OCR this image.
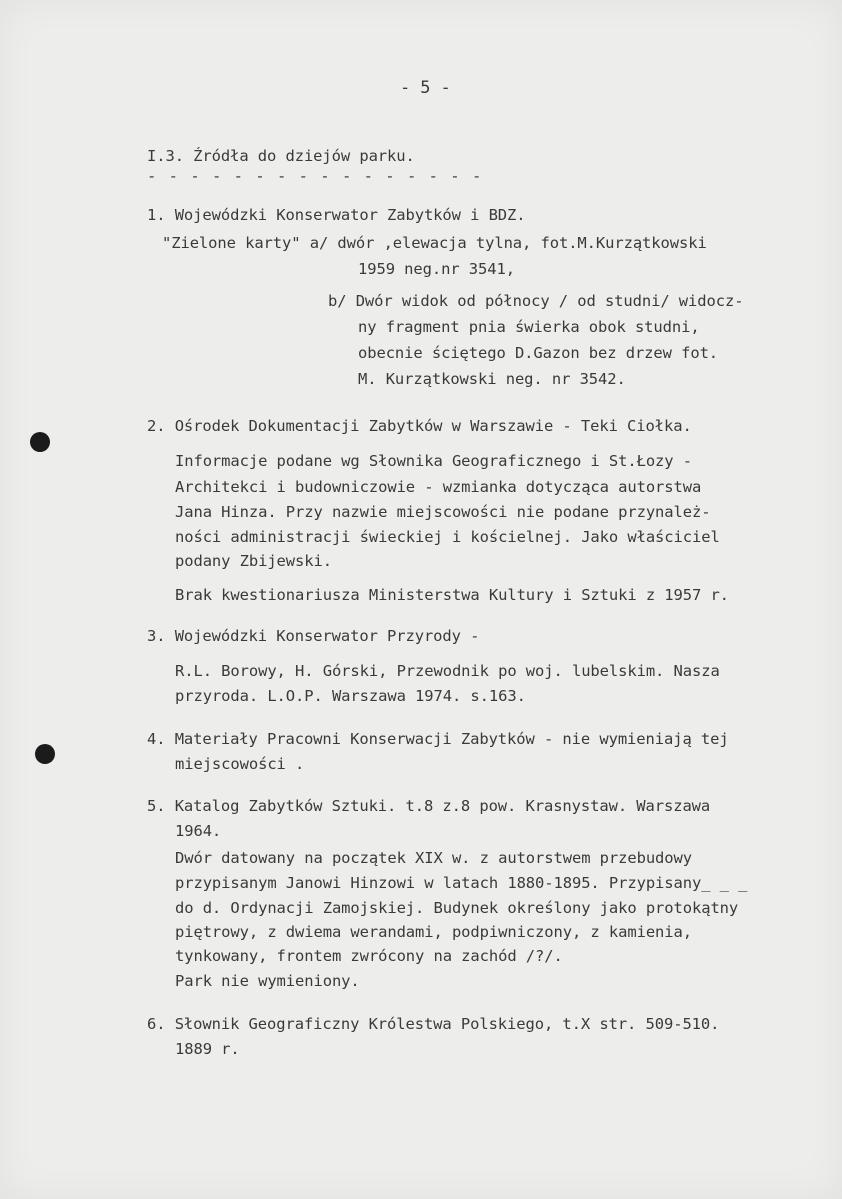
- 5 -
I.3. Źródła do dziejów parku.
- - - - - - - - - - - - - - - -
1. Wojewódzki Konserwator Zabytków i BDZ.
"Zielone karty" a/ dwór ,elewacja tylna, fot.M.Kurzątkowski
1959 neg.nr 3541,
b/ Dwór widok od północy / od studni/ widocz-
ny fragment pnia świerka obok studni,
obecnie ściętego D.Gazon bez drzew fot.
M. Kurzątkowski neg. nr 3542.
2. Ośrodek Dokumentacji Zabytków w Warszawie - Teki Ciołka.
Informacje podane wg Słownika Geograficznego i St.Łozy -
Architekci i budowniczowie - wzmianka dotycząca autorstwa
Jana Hinza. Przy nazwie miejscowości nie podane przynależ-
ności administracji świeckiej i kościelnej. Jako właściciel
podany Zbijewski.
Brak kwestionariusza Ministerstwa Kultury i Sztuki z 1957 r.
3. Wojewódzki Konserwator Przyrody -
R.L. Borowy, H. Górski, Przewodnik po woj. lubelskim. Nasza
przyroda. L.O.P. Warszawa 1974. s.163.
4. Materiały Pracowni Konserwacji Zabytków - nie wymieniają tej
miejscowości .
5. Katalog Zabytków Sztuki. t.8 z.8 pow. Krasnystaw. Warszawa
1964.
Dwór datowany na początek XIX w. z autorstwem przebudowy
przypisanym Janowi Hinzowi w latach 1880-1895. Przypisany_ _ _
do d. Ordynacji Zamojskiej. Budynek określony jako protokątny
piętrowy, z dwiema werandami, podpiwniczony, z kamienia,
tynkowany, frontem zwrócony na zachód /?/.
Park nie wymieniony.
6. Słownik Geograficzny Królestwa Polskiego, t.X str. 509-510.
1889 r.
